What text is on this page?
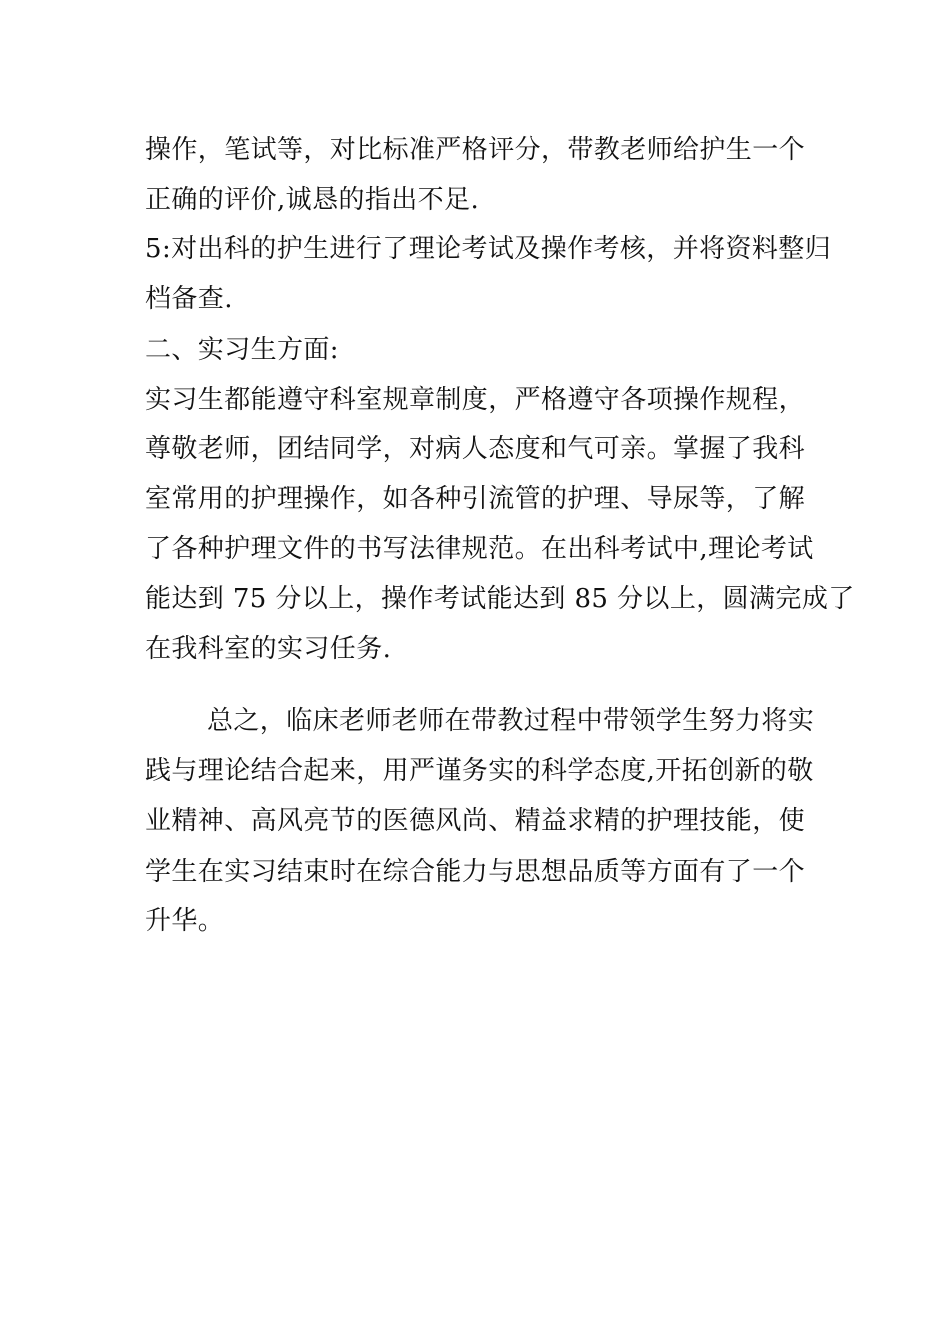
操作，笔试等，对比标准严格评分，带教老师给护生一个
正确的评价,诚恳的指出不足.
5:对出科的护生进行了理论考试及操作考核，并将资料整归
档备查.
二、实习生方面:
实习生都能遵守科室规章制度，严格遵守各项操作规程，
尊敬老师，团结同学，对病人态度和气可亲。掌握了我科
室常用的护理操作，如各种引流管的护理、导尿等，了解
了各种护理文件的书写法律规范。在出科考试中,理论考试
能达到 75 分以上，操作考试能达到 85 分以上，圆满完成了
在我科室的实习任务.
总之，临床老师老师在带教过程中带领学生努力将实
践与理论结合起来，用严谨务实的科学态度,开拓创新的敬
业精神、高风亮节的医德风尚、精益求精的护理技能，使
学生在实习结束时在综合能力与思想品质等方面有了一个
升华。
